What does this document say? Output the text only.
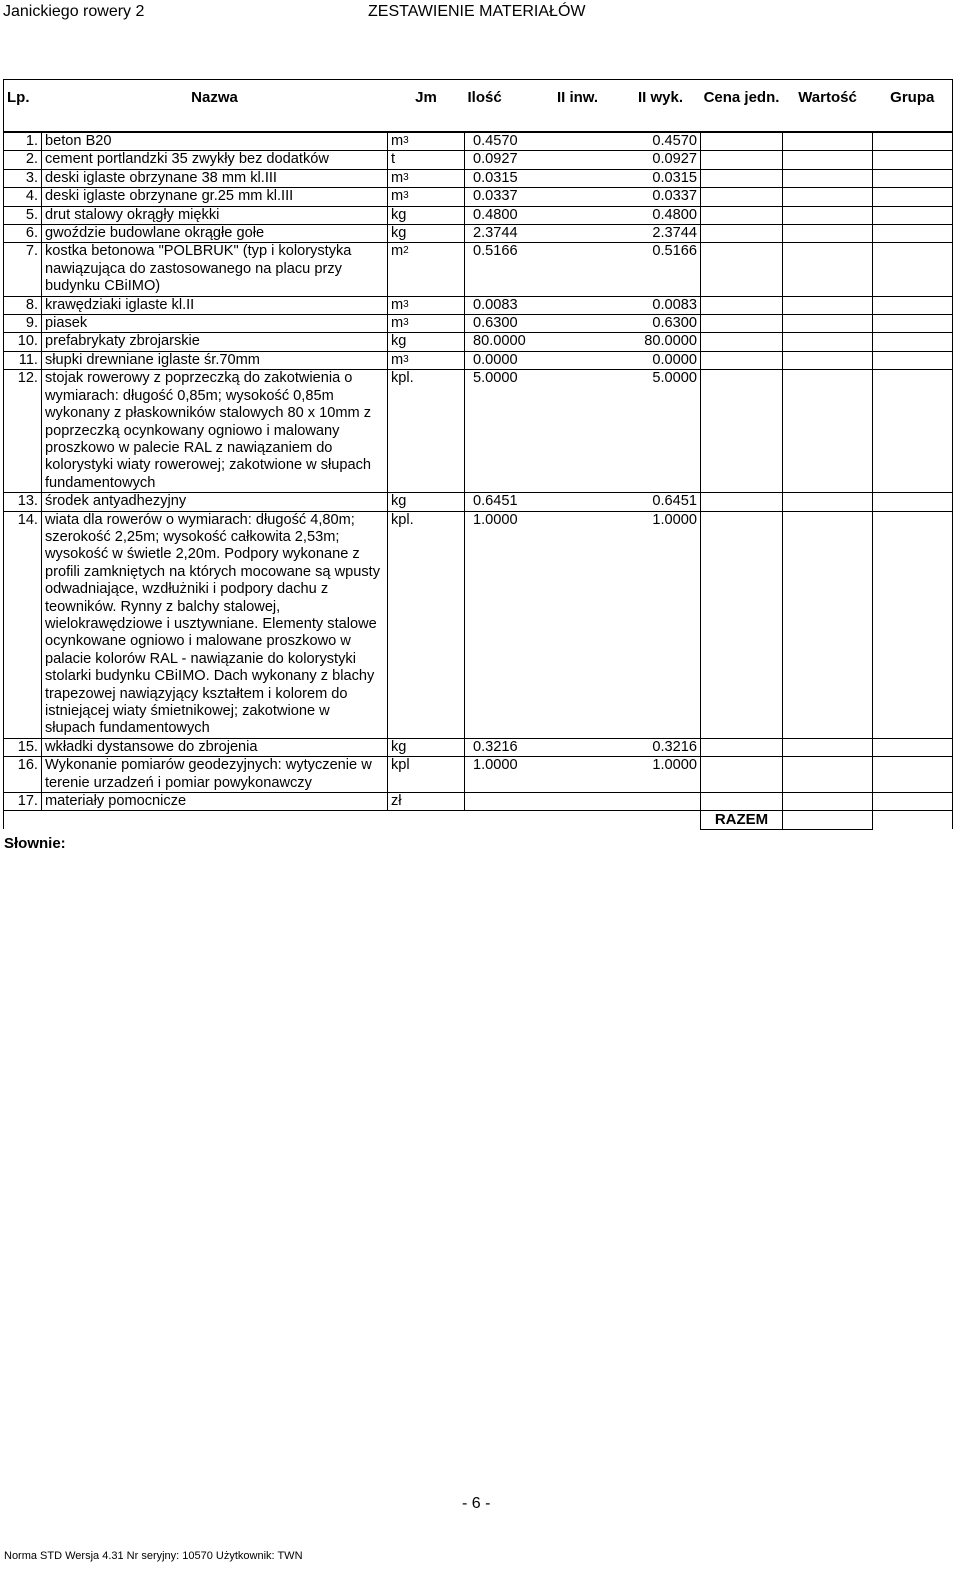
Janickiego rowery 2	ZESTAWIENIE MATERIAŁÓW
Lp.	Nazwa	Jm	Ilość	II inw.	II wyk.	Cena jedn.	Wartość	Grupa
1.	beton B20	$m^3$	0.4570		0.4570			
2.	cement portlandzki 35 zwykły bez dodatków	t	0.0927		0.0927			
3.	deski iglaste obrzynane 38 mm kl.III	$m^3$	0.0315		0.0315			
4.	deski iglaste obrzynane gr.25 mm kl.III	$m^3$	0.0337		0.0337			
5.	drut stalowy okrągły miękki	kg	0.4800		0.4800			
6.	gwoździe budowlane okrągłe gołe	kg	2.3744		2.3744			
7.	kostka betonowa "POLBRUK" (typ i kolorystyka nawiązująca do zastosowanego na placu przy budynku CBiIMO)	$m^2$	0.5166		0.5166			
8.	krawędziaki iglaste kl.II	$m^3$	0.0083		0.0083			
9.	piasek	$m^3$	0.6300		0.6300			
10.	prefabrykaty zbrojarskie	kg	80.0000		80.0000			
11.	słupki drewniane iglaste śr.70mm	$m^3$	0.0000		0.0000			
12.	stojak rowerowy z poprzeczką do zakotwienia o wymiarach: długość 0,85m; wysokość 0,85m wykonany z płaskowników stalowych 80 x 10mm z poprzeczką ocynkowany ogniowo i malowany proszkowo w palecie RAL z nawiązaniem do kolorystyki wiaty rowerowej; zakotwione w słupach fundamentowych	kpl.	5.0000		5.0000			
13.	środek antyadhezyjny	kg	0.6451		0.6451			
14.	wiata dla rowerów o wymiarach: długość 4,80m; szerokość 2,25m; wysokość całkowita 2,53m; wysokość w świetle 2,20m. Podpory wykonane z profili zamkniętych na których mocowane są wpusty odwadniające, wzdłużniki i podpory dachu z teowników. Rynny z balchy stalowej, wielokrawędziowe i usztywniane. Elementy stalowe ocynkowane ogniowo i malowane proszkowo w palacie kolorów RAL - nawiązanie do kolorystyki stolarki budynku CBiIMO. Dach wykonany z blachy trapezowej nawiązyjący kształtem i kolorem do istniejącej wiaty śmietnikowej; zakotwione w słupach fundamentowych	kpl.	1.0000		1.0000			
15.	wkładki dystansowe do zbrojenia	kg	0.3216		0.3216			
16.	Wykonanie pomiarów geodezyjnych: wytyczenie w terenie urzadzeń i pomiar powykonawczy	kpl	1.0000		1.0000			
17.	materiały pomocnicze	zł						
						RAZEM		
Słownie:
- 6 -
Norma STD Wersja 4.31 Nr seryjny: 10570 Użytkownik: TWN
